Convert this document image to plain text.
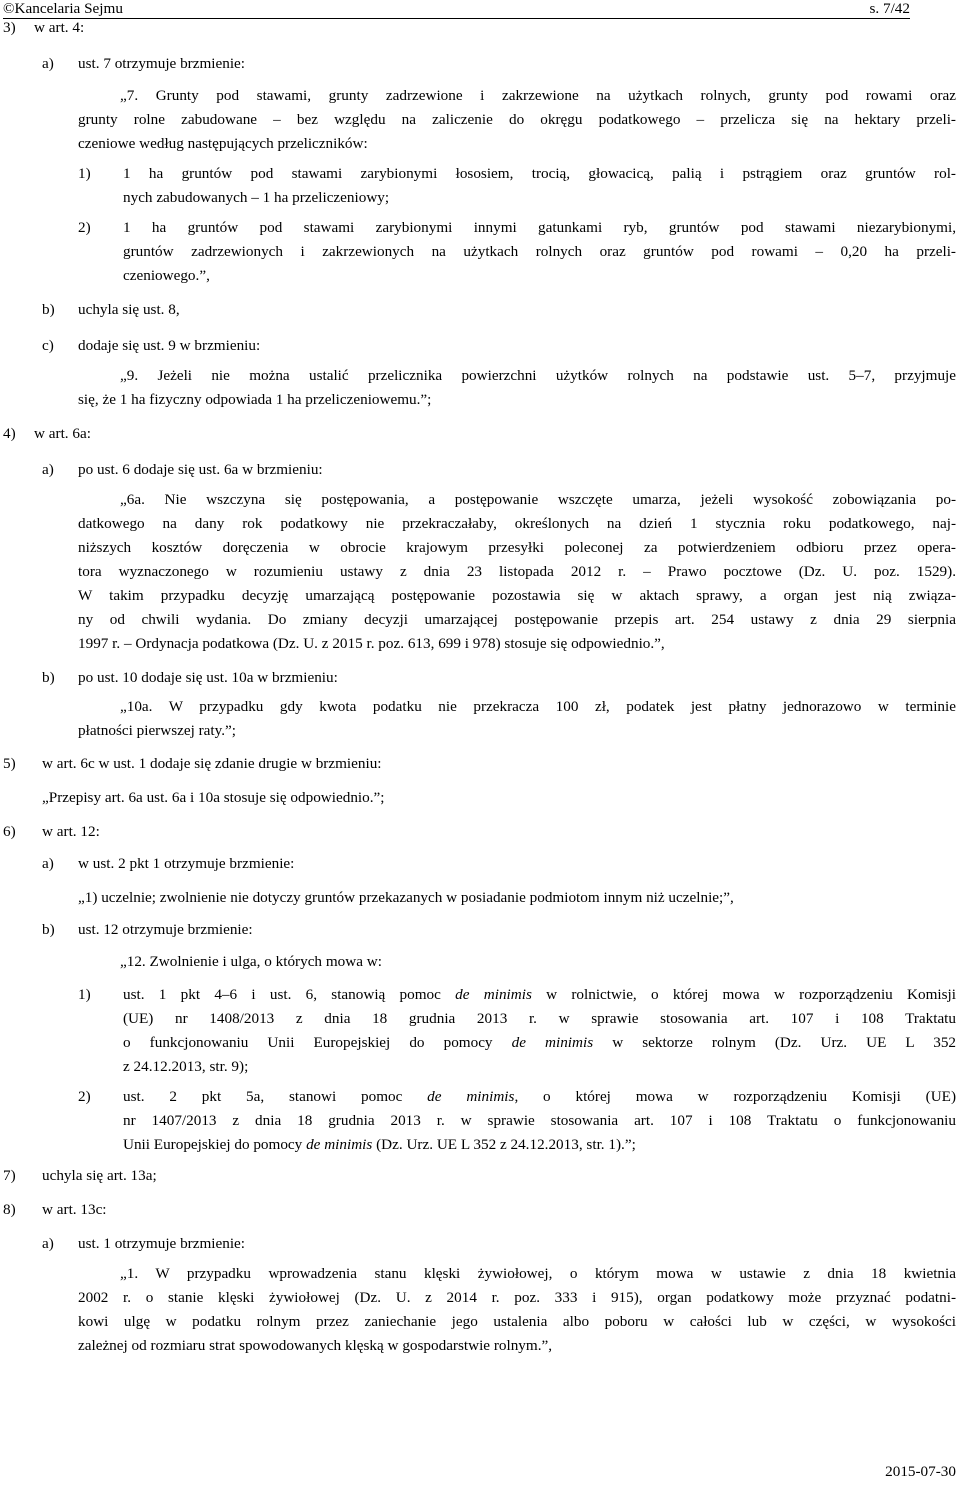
©Kancelaria Sejmu	s. 7/42
3) w art. 4:
a) ust. 7 otrzymuje brzmienie:
„7. Grunty pod stawami, grunty zadrzewione i zakrzewione na użytkach rolnych, grunty pod rowami oraz
grunty rolne zabudowane – bez względu na zaliczenie do okręgu podatkowego – przelicza się na hektary przeli-
czeniowe według następujących przeliczników:
1) 1 ha gruntów pod stawami zarybionymi łososiem, trocią, głowacicą, palią i pstrągiem oraz gruntów rol-
nych zabudowanych – 1 ha przeliczeniowy;
2) 1 ha gruntów pod stawami zarybionymi innymi gatunkami ryb, gruntów pod stawami niezarybionymi,
gruntów zadrzewionych i zakrzewionych na użytkach rolnych oraz gruntów pod rowami – 0,20 ha przeli-
czeniowego.”,
b) uchyla się ust. 8,
c) dodaje się ust. 9 w brzmieniu:
„9. Jeżeli nie można ustalić przelicznika powierzchni użytków rolnych na podstawie ust. 5–7, przyjmuje
się, że 1 ha fizyczny odpowiada 1 ha przeliczeniowemu.”;
4) w art. 6a:
a) po ust. 6 dodaje się ust. 6a w brzmieniu:
„6a. Nie wszczyna się postępowania, a postępowanie wszczęte umarza, jeżeli wysokość zobowiązania po-
datkowego na dany rok podatkowy nie przekraczałaby, określonych na dzień 1 stycznia roku podatkowego, naj-
niższych kosztów doręczenia w obrocie krajowym przesyłki poleconej za potwierdzeniem odbioru przez opera-
tora wyznaczonego w rozumieniu ustawy z dnia 23 listopada 2012 r. – Prawo pocztowe (Dz. U. poz. 1529).
W takim przypadku decyzję umarzającą postępowanie pozostawia się w aktach sprawy, a organ jest nią związa-
ny od chwili wydania. Do zmiany decyzji umarzającej postępowanie przepis art. 254 ustawy z dnia 29 sierpnia
1997 r. – Ordynacja podatkowa (Dz. U. z 2015 r. poz. 613, 699 i 978) stosuje się odpowiednio.”,
b) po ust. 10 dodaje się ust. 10a w brzmieniu:
„10a. W przypadku gdy kwota podatku nie przekracza 100 zł, podatek jest płatny jednorazowo w terminie
płatności pierwszej raty.”;
5) w art. 6c w ust. 1 dodaje się zdanie drugie w brzmieniu:
„Przepisy art. 6a ust. 6a i 10a stosuje się odpowiednio.”;
6) w art. 12:
a) w ust. 2 pkt 1 otrzymuje brzmienie:
„1) uczelnie; zwolnienie nie dotyczy gruntów przekazanych w posiadanie podmiotom innym niż uczelnie;”,
b) ust. 12 otrzymuje brzmienie:
„12. Zwolnienie i ulga, o których mowa w:
1) ust. 1 pkt 4–6 i ust. 6, stanowią pomoc de minimis w rolnictwie, o której mowa w rozporządzeniu Komisji
(UE) nr 1408/2013 z dnia 18 grudnia 2013 r. w sprawie stosowania art. 107 i 108 Traktatu
o funkcjonowaniu Unii Europejskiej do pomocy de minimis w sektorze rolnym (Dz. Urz. UE L 352
z 24.12.2013, str. 9);
2) ust. 2 pkt 5a, stanowi pomoc de minimis, o której mowa w rozporządzeniu Komisji (UE)
nr 1407/2013 z dnia 18 grudnia 2013 r. w sprawie stosowania art. 107 i 108 Traktatu o funkcjonowaniu
Unii Europejskiej do pomocy de minimis (Dz. Urz. UE L 352 z 24.12.2013, str. 1).”;
7) uchyla się art. 13a;
8) w art. 13c:
a) ust. 1 otrzymuje brzmienie:
„1. W przypadku wprowadzenia stanu klęski żywiołowej, o którym mowa w ustawie z dnia 18 kwietnia
2002 r. o stanie klęski żywiołowej (Dz. U. z 2014 r. poz. 333 i 915), organ podatkowy może przyznać podatni-
kowi ulgę w podatku rolnym przez zaniechanie jego ustalenia albo poboru w całości lub w części, w wysokości
zależnej od rozmiaru strat spowodowanych klęską w gospodarstwie rolnym.”,
2015-07-30
